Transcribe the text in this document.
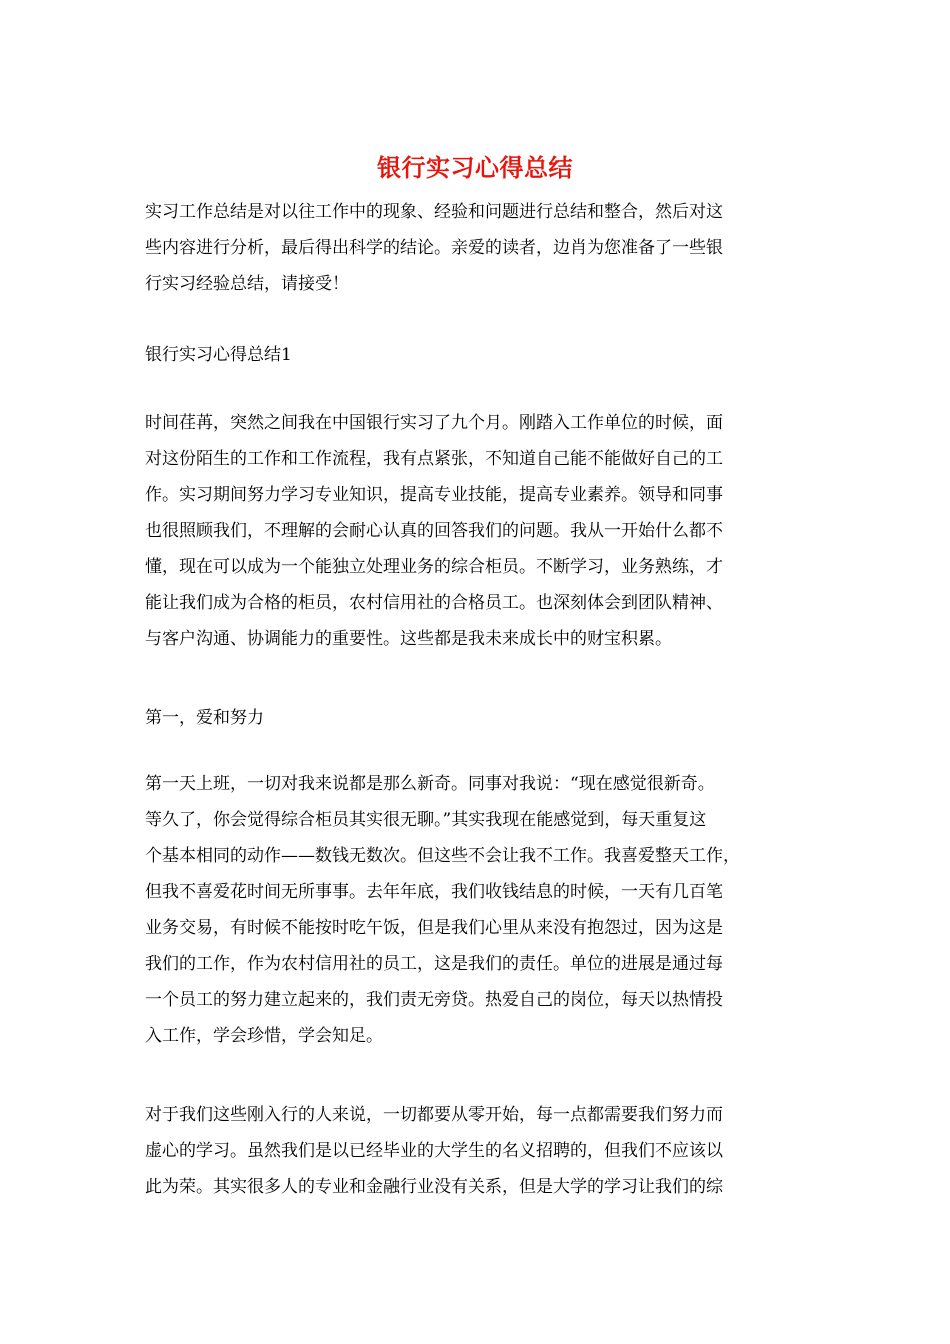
银行实习心得总结
实习工作总结是对以往工作中的现象、经验和问题进行总结和整合，然后对这
些内容进行分析，最后得出科学的结论。亲爱的读者，边肖为您准备了一些银
行实习经验总结，请接受！
银行实习心得总结1
时间荏苒，突然之间我在中国银行实习了九个月。刚踏入工作单位的时候，面
对这份陌生的工作和工作流程，我有点紧张，不知道自己能不能做好自己的工
作。实习期间努力学习专业知识，提高专业技能，提高专业素养。领导和同事
也很照顾我们，不理解的会耐心认真的回答我们的问题。我从一开始什么都不
懂，现在可以成为一个能独立处理业务的综合柜员。不断学习，业务熟练，才
能让我们成为合格的柜员，农村信用社的合格员工。也深刻体会到团队精神、
与客户沟通、协调能力的重要性。这些都是我未来成长中的财宝积累。
第一，爱和努力
第一天上班，一切对我来说都是那么新奇。同事对我说：“现在感觉很新奇。
等久了，你会觉得综合柜员其实很无聊。”其实我现在能感觉到，每天重复这
个基本相同的动作——数钱无数次。但这些不会让我不工作。我喜爱整天工作，
但我不喜爱花时间无所事事。去年年底，我们收钱结息的时候，一天有几百笔
业务交易，有时候不能按时吃午饭，但是我们心里从来没有抱怨过，因为这是
我们的工作，作为农村信用社的员工，这是我们的责任。单位的进展是通过每
一个员工的努力建立起来的，我们责无旁贷。热爱自己的岗位，每天以热情投
入工作，学会珍惜，学会知足。
对于我们这些刚入行的人来说，一切都要从零开始，每一点都需要我们努力而
虚心的学习。虽然我们是以已经毕业的大学生的名义招聘的，但我们不应该以
此为荣。其实很多人的专业和金融行业没有关系，但是大学的学习让我们的综
